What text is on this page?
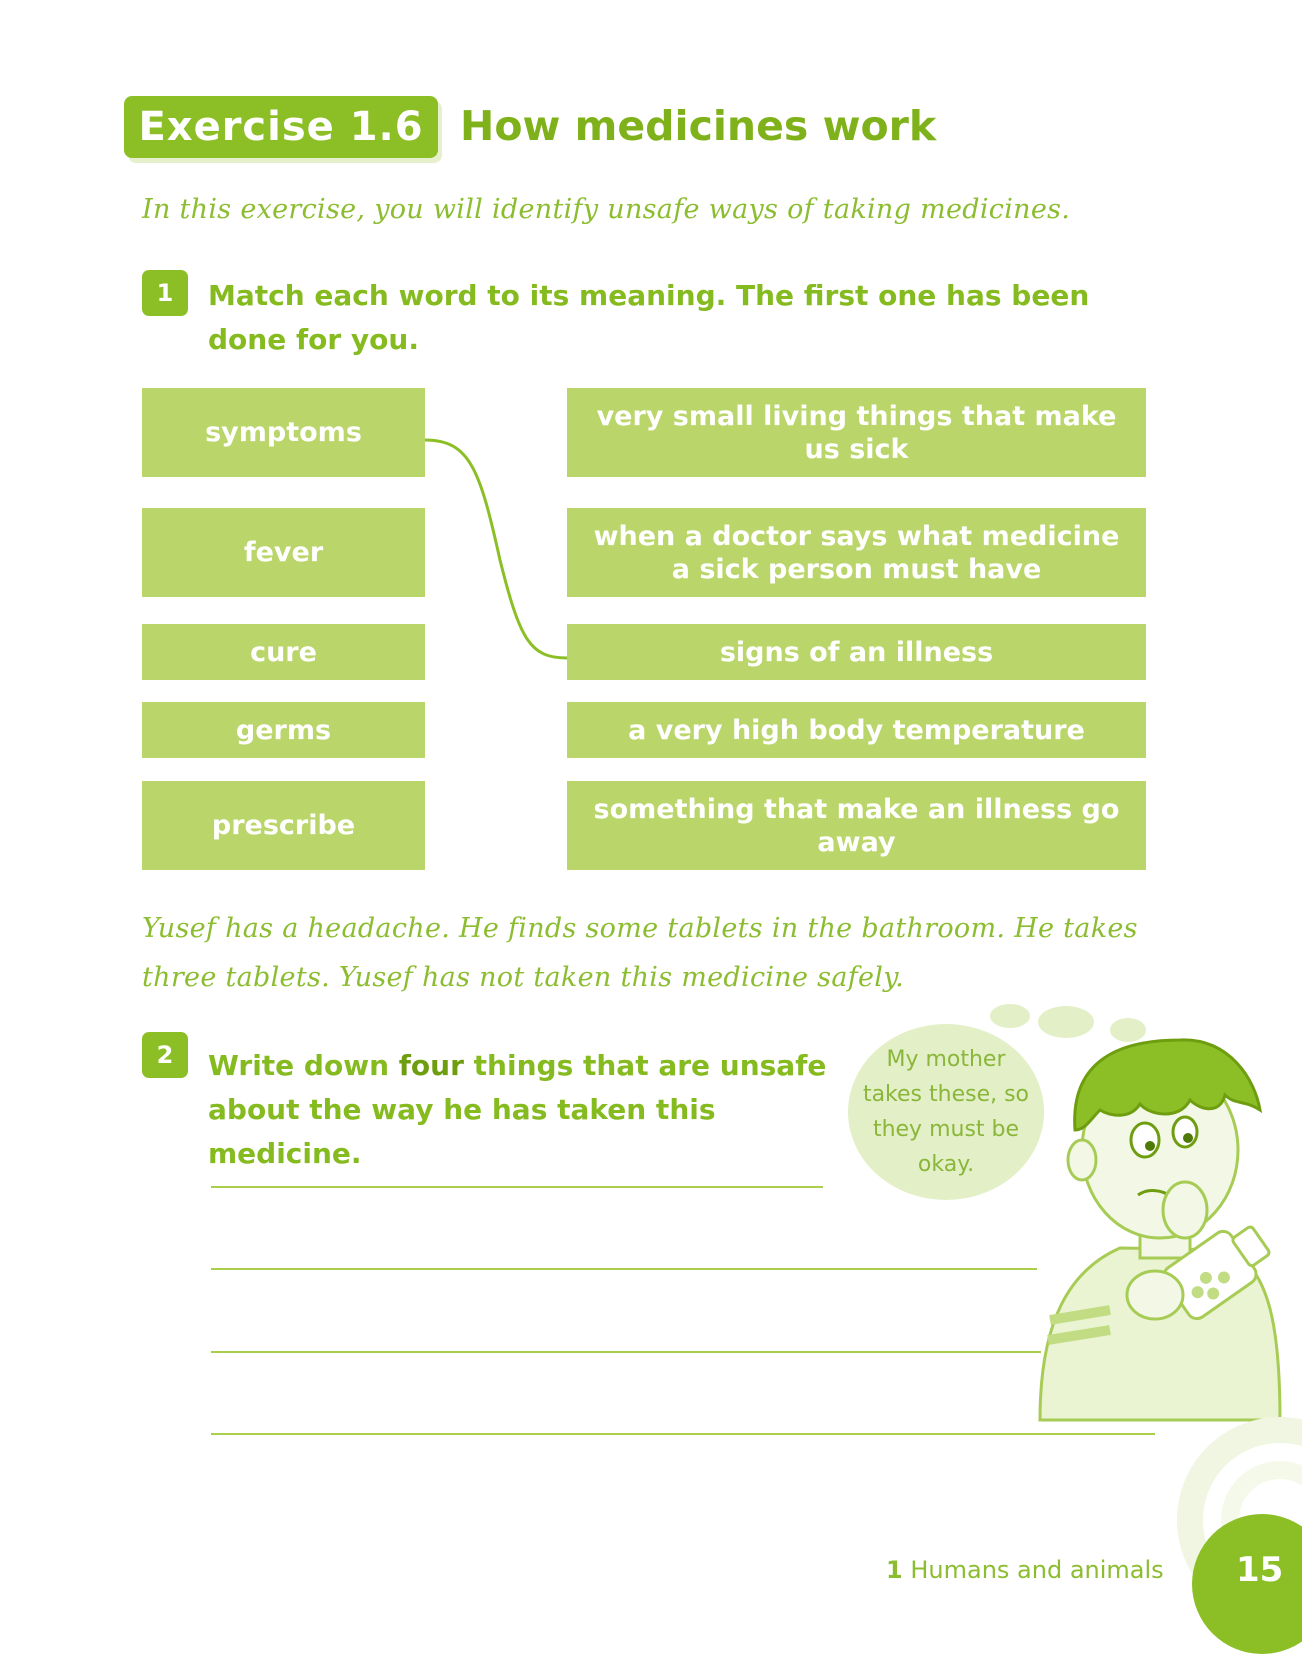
Exercise 1.6 How medicines work
In this exercise, you will identify unsafe ways of taking medicines.
1	Match each word to its meaning. The first one has been done for you.
symptoms
fever
cure
germs
prescribe
very small living things that make us sick
when a doctor says what medicine a sick person must have
signs of an illness
a very high body temperature
something that make an illness go away
Yusef has a headache. He finds some tablets in the bathroom. He takes three tablets. Yusef has not taken this medicine safely.
2	Write down four things that are unsafe about the way he has taken this medicine.
My mother takes these, so they must be okay.
1 Humans and animals	15
